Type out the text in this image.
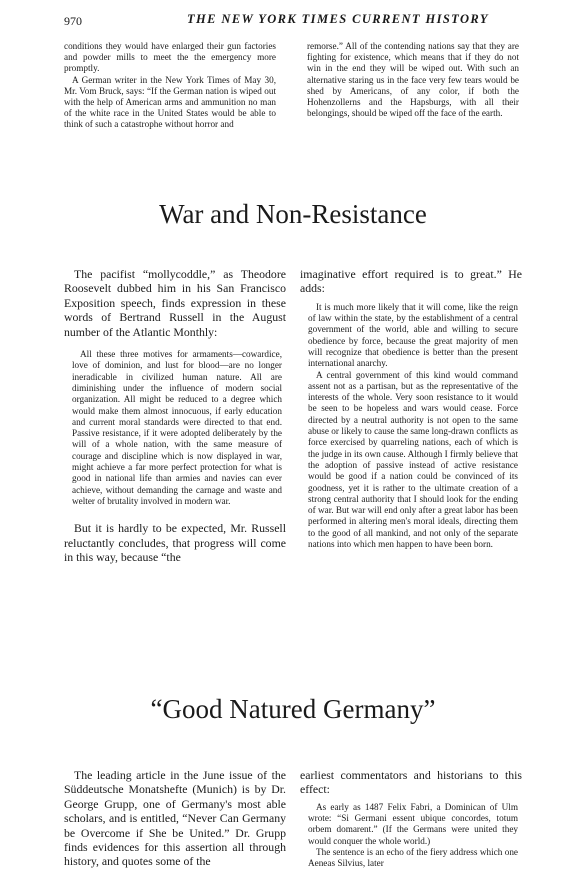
970	THE NEW YORK TIMES CURRENT HISTORY

conditions they would have enlarged their gun factories and powder mills to meet the the emergency more promptly.

A German writer in the New York Times of May 30, Mr. Vom Bruck, says: “If the German nation is wiped out with the help of American arms and ammunition no man of the white race in the United States would be able to think of such a catastrophe without horror and

remorse.” All of the contending nations say that they are fighting for existence, which means that if they do not win in the end they will be wiped out. With such an alternative staring us in the face very few tears would be shed by Americans, of any color, if both the Hohenzollerns and the Hapsburgs, with all their belongings, should be wiped off the face of the earth.

War and Non-Resistance

The pacifist “mollycoddle,” as Theodore Roosevelt dubbed him in his San Francisco Exposition speech, finds expression in these words of Bertrand Russell in the August number of the Atlantic Monthly:

All these three motives for armaments—cowardice, love of dominion, and lust for blood—are no longer ineradicable in civilized human nature. All are diminishing under the influence of modern social organization. All might be reduced to a degree which would make them almost innocuous, if early education and current moral standards were directed to that end. Passive resistance, if it were adopted deliberately by the will of a whole nation, with the same measure of courage and discipline which is now displayed in war, might achieve a far more perfect protection for what is good in national life than armies and navies can ever achieve, without demanding the carnage and waste and welter of brutality involved in modern war.

But it is hardly to be expected, Mr. Russell reluctantly concludes, that progress will come in this way, because “the

imaginative effort required is to great.” He adds:

It is much more likely that it will come, like the reign of law within the state, by the establishment of a central government of the world, able and willing to secure obedience by force, because the great majority of men will recognize that obedience is better than the present international anarchy.

A central government of this kind would command assent not as a partisan, but as the representative of the interests of the whole. Very soon resistance to it would be seen to be hopeless and wars would cease. Force directed by a neutral authority is not open to the same abuse or likely to cause the same long-drawn conflicts as force exercised by quarreling nations, each of which is the judge in its own cause. Although I firmly believe that the adoption of passive instead of active resistance would be good if a nation could be convinced of its goodness, yet it is rather to the ultimate creation of a strong central authority that I should look for the ending of war. But war will end only after a great labor has been performed in altering men's moral ideals, directing them to the good of all mankind, and not only of the separate nations into which men happen to have been born.

“Good Natured Germany”

The leading article in the June issue of the Süddeutsche Monatshefte (Munich) is by Dr. George Grupp, one of Germany's most able scholars, and is entitled, “Never Can Germany be Overcome if She be United.” Dr. Grupp finds evidences for this assertion all through history, and quotes some of the

earliest commentators and historians to this effect:

As early as 1487 Felix Fabri, a Dominican of Ulm wrote: “Si Germani essent ubique concordes, totum orbem domarent.” (If the Germans were united they would conquer the whole world.)

The sentence is an echo of the fiery address which one Aeneas Silvius, later
